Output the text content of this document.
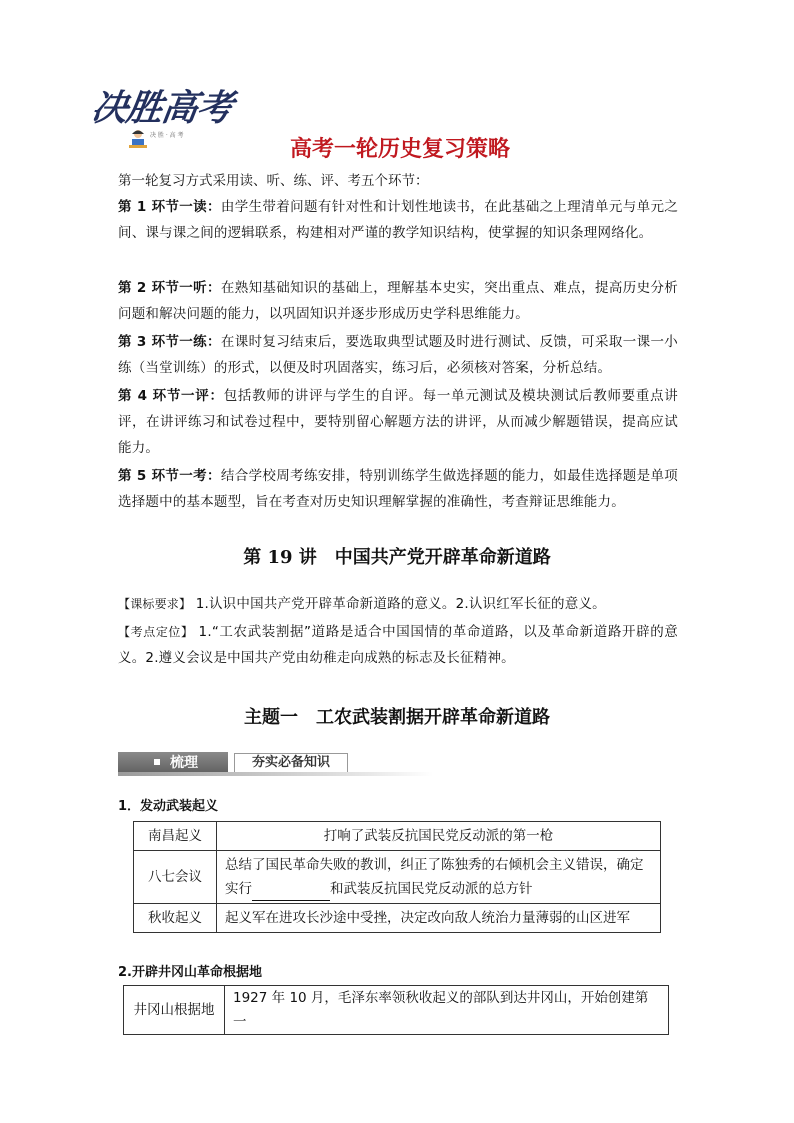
决胜高考
决 胜 · 高 考
高考一轮历史复习策略
第一轮复习方式采用读、听、练、评、考五个环节：
第 1 环节一读：由学生带着问题有针对性和计划性地读书，在此基础之上理清单元与单元之间、课与课之间的逻辑联系，构建相对严谨的教学知识结构，使掌握的知识条理网络化。
第 2 环节一听：在熟知基础知识的基础上，理解基本史实，突出重点、难点，提高历史分析问题和解决问题的能力，以巩固知识并逐步形成历史学科思维能力。
第 3 环节一练：在课时复习结束后，要选取典型试题及时进行测试、反馈，可采取一课一小练（当堂训练）的形式，以便及时巩固落实，练习后，必须核对答案，分析总结。
第 4 环节一评：包括教师的讲评与学生的自评。每一单元测试及模块测试后教师要重点讲评，在讲评练习和试卷过程中，要特别留心解题方法的讲评，从而减少解题错误，提高应试能力。
第 5 环节一考：结合学校周考练安排，特别训练学生做选择题的能力，如最佳选择题是单项选择题中的基本题型，旨在考查对历史知识理解掌握的准确性，考查辩证思维能力。
第 19 讲　中国共产党开辟革命新道路
【课标要求】 1.认识中国共产党开辟革命新道路的意义。2.认识红军长征的意义。
【考点定位】 1.“工农武装割据”道路是适合中国国情的革命道路，以及革命新道路开辟的意义。2.遵义会议是中国共产党由幼稚走向成熟的标志及长征精神。
主题一　工农武装割据开辟革命新道路
梳理	夯实必备知识
1．发动武装起义
南昌起义	打响了武装反抗国民党反动派的第一枪
八七会议	总结了国民革命失败的教训，纠正了陈独秀的右倾机会主义错误，确定实行 和武装反抗国民党反动派的总方针
秋收起义	起义军在进攻长沙途中受挫，决定改向敌人统治力量薄弱的山区进军
2.开辟井冈山革命根据地
井冈山根据地	1927 年 10 月，毛泽东率领秋收起义的部队到达井冈山，开始创建第一
